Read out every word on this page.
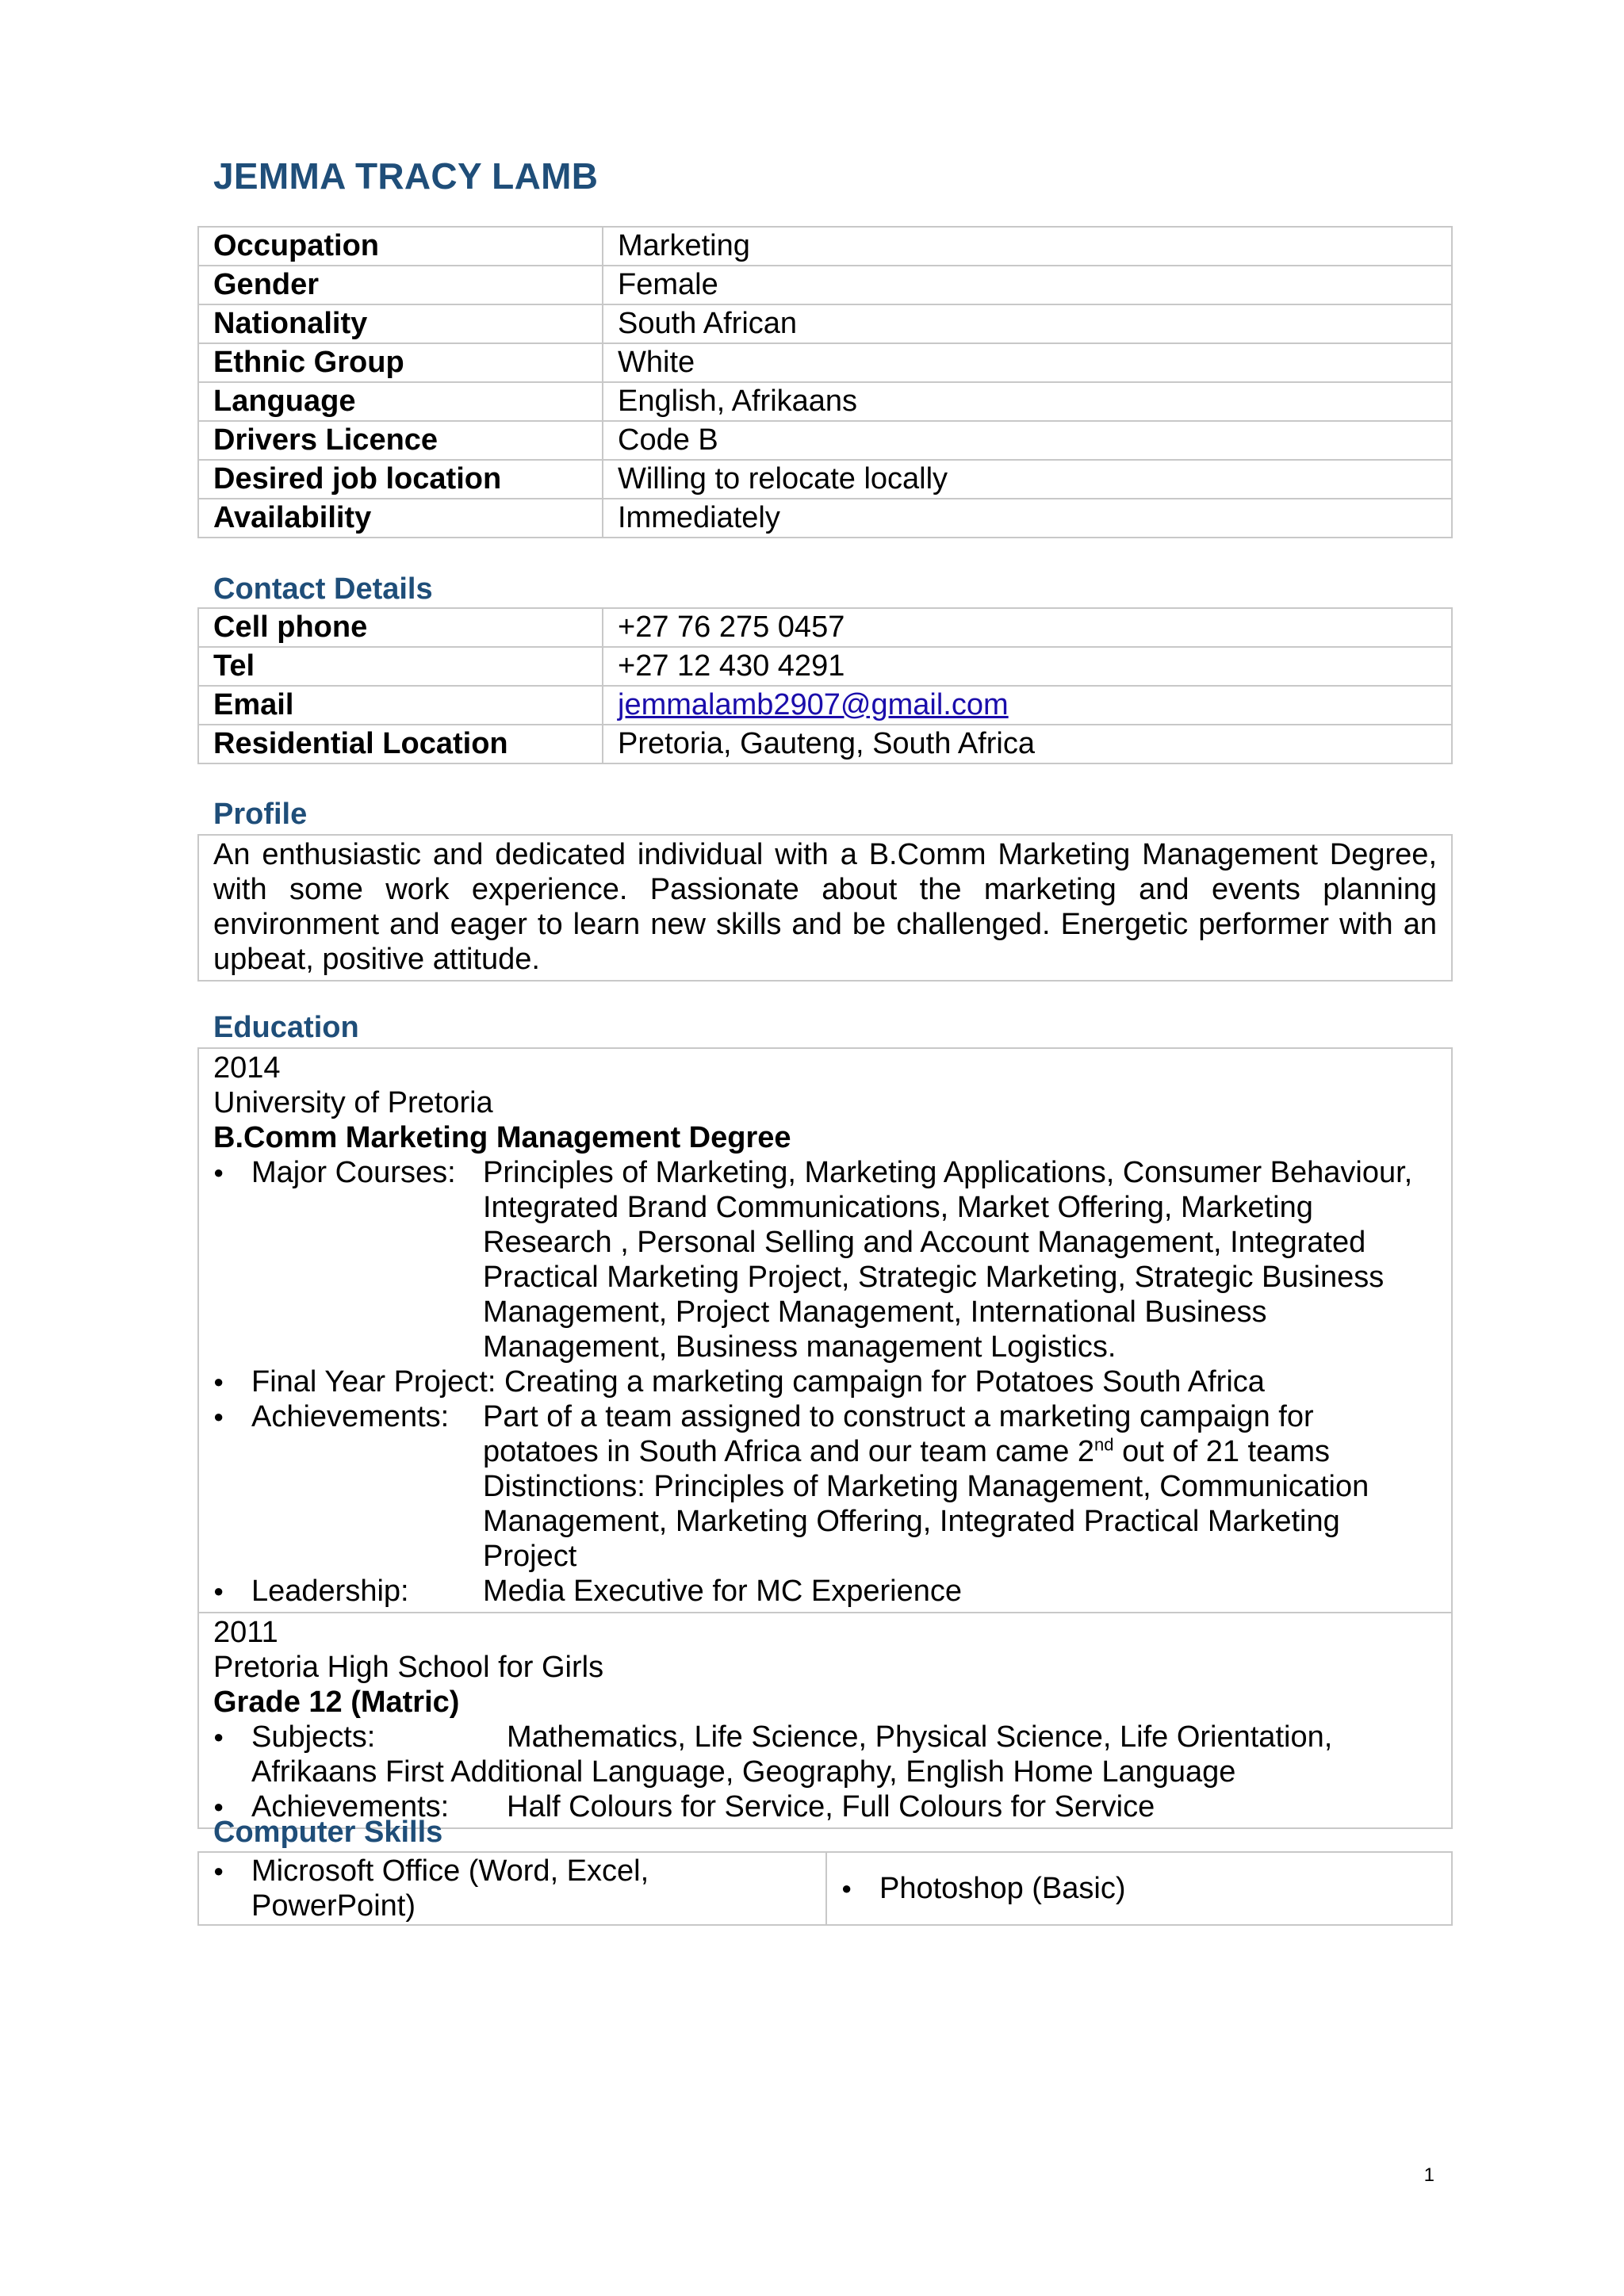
JEMMA TRACY LAMB
Occupation	Marketing
Gender	Female
Nationality	South African
Ethnic Group	White
Language	English, Afrikaans
Drivers Licence	Code B
Desired job location	Willing to relocate locally
Availability	Immediately
Contact Details
Cell phone	+27 76 275 0457
Tel	+27 12 430 4291
Email	jemmalamb2907@gmail.com
Residential Location	Pretoria, Gauteng, South Africa
Profile
An enthusiastic and dedicated individual with a B.Comm Marketing Management Degree, with some work experience. Passionate about the marketing and events planning environment and eager to learn new skills and be challenged. Energetic performer with an upbeat, positive attitude.
Education
2014
University of Pretoria
B.Comm Marketing Management Degree
● Major Courses: Principles of Marketing, Marketing Applications, Consumer Behaviour, Integrated Brand Communications, Market Offering, Marketing Research , Personal Selling and Account Management, Integrated Practical Marketing Project, Strategic Marketing, Strategic Business Management, Project Management, International Business Management, Business management Logistics.
● Final Year Project: Creating a marketing campaign for Potatoes South Africa
● Achievements:	Part of a team assigned to construct a marketing campaign for potatoes in South Africa and our team came 2nd out of 21 teams
Distinctions: Principles of Marketing Management, Communication Management, Marketing Offering, Integrated Practical Marketing Project
● Leadership:	Media Executive for MC Experience
2011
Pretoria High School for Girls
Grade 12 (Matric)
● Subjects:	Mathematics, Life Science, Physical Science, Life Orientation,
Afrikaans First Additional Language, Geography, English Home Language
● Achievements:	Half Colours for Service, Full Colours for Service
Computer Skills
● Microsoft Office (Word, Excel, PowerPoint)
● Photoshop (Basic)
1
